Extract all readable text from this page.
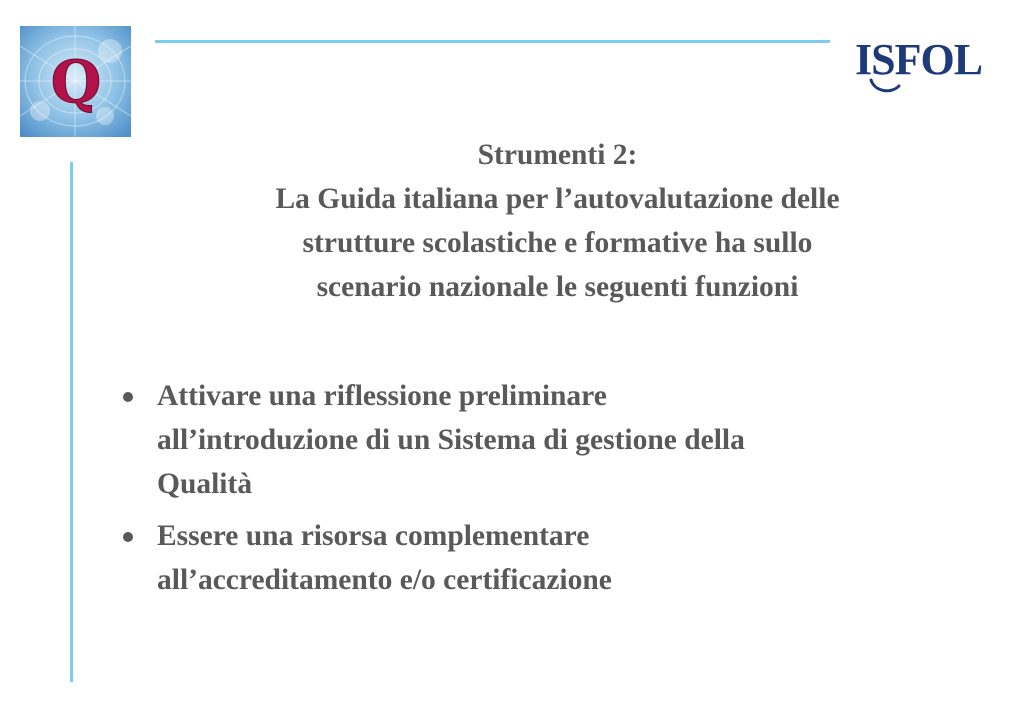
Q	ISFOL
Strumenti 2:
La Guida italiana per l’autovalutazione delle
strutture scolastiche e formative ha sullo
scenario nazionale le seguenti funzioni
Attivare una riflessione preliminare
all’introduzione di un Sistema di gestione della
Qualità
Essere una risorsa complementare
all’accreditamento e/o certificazione
